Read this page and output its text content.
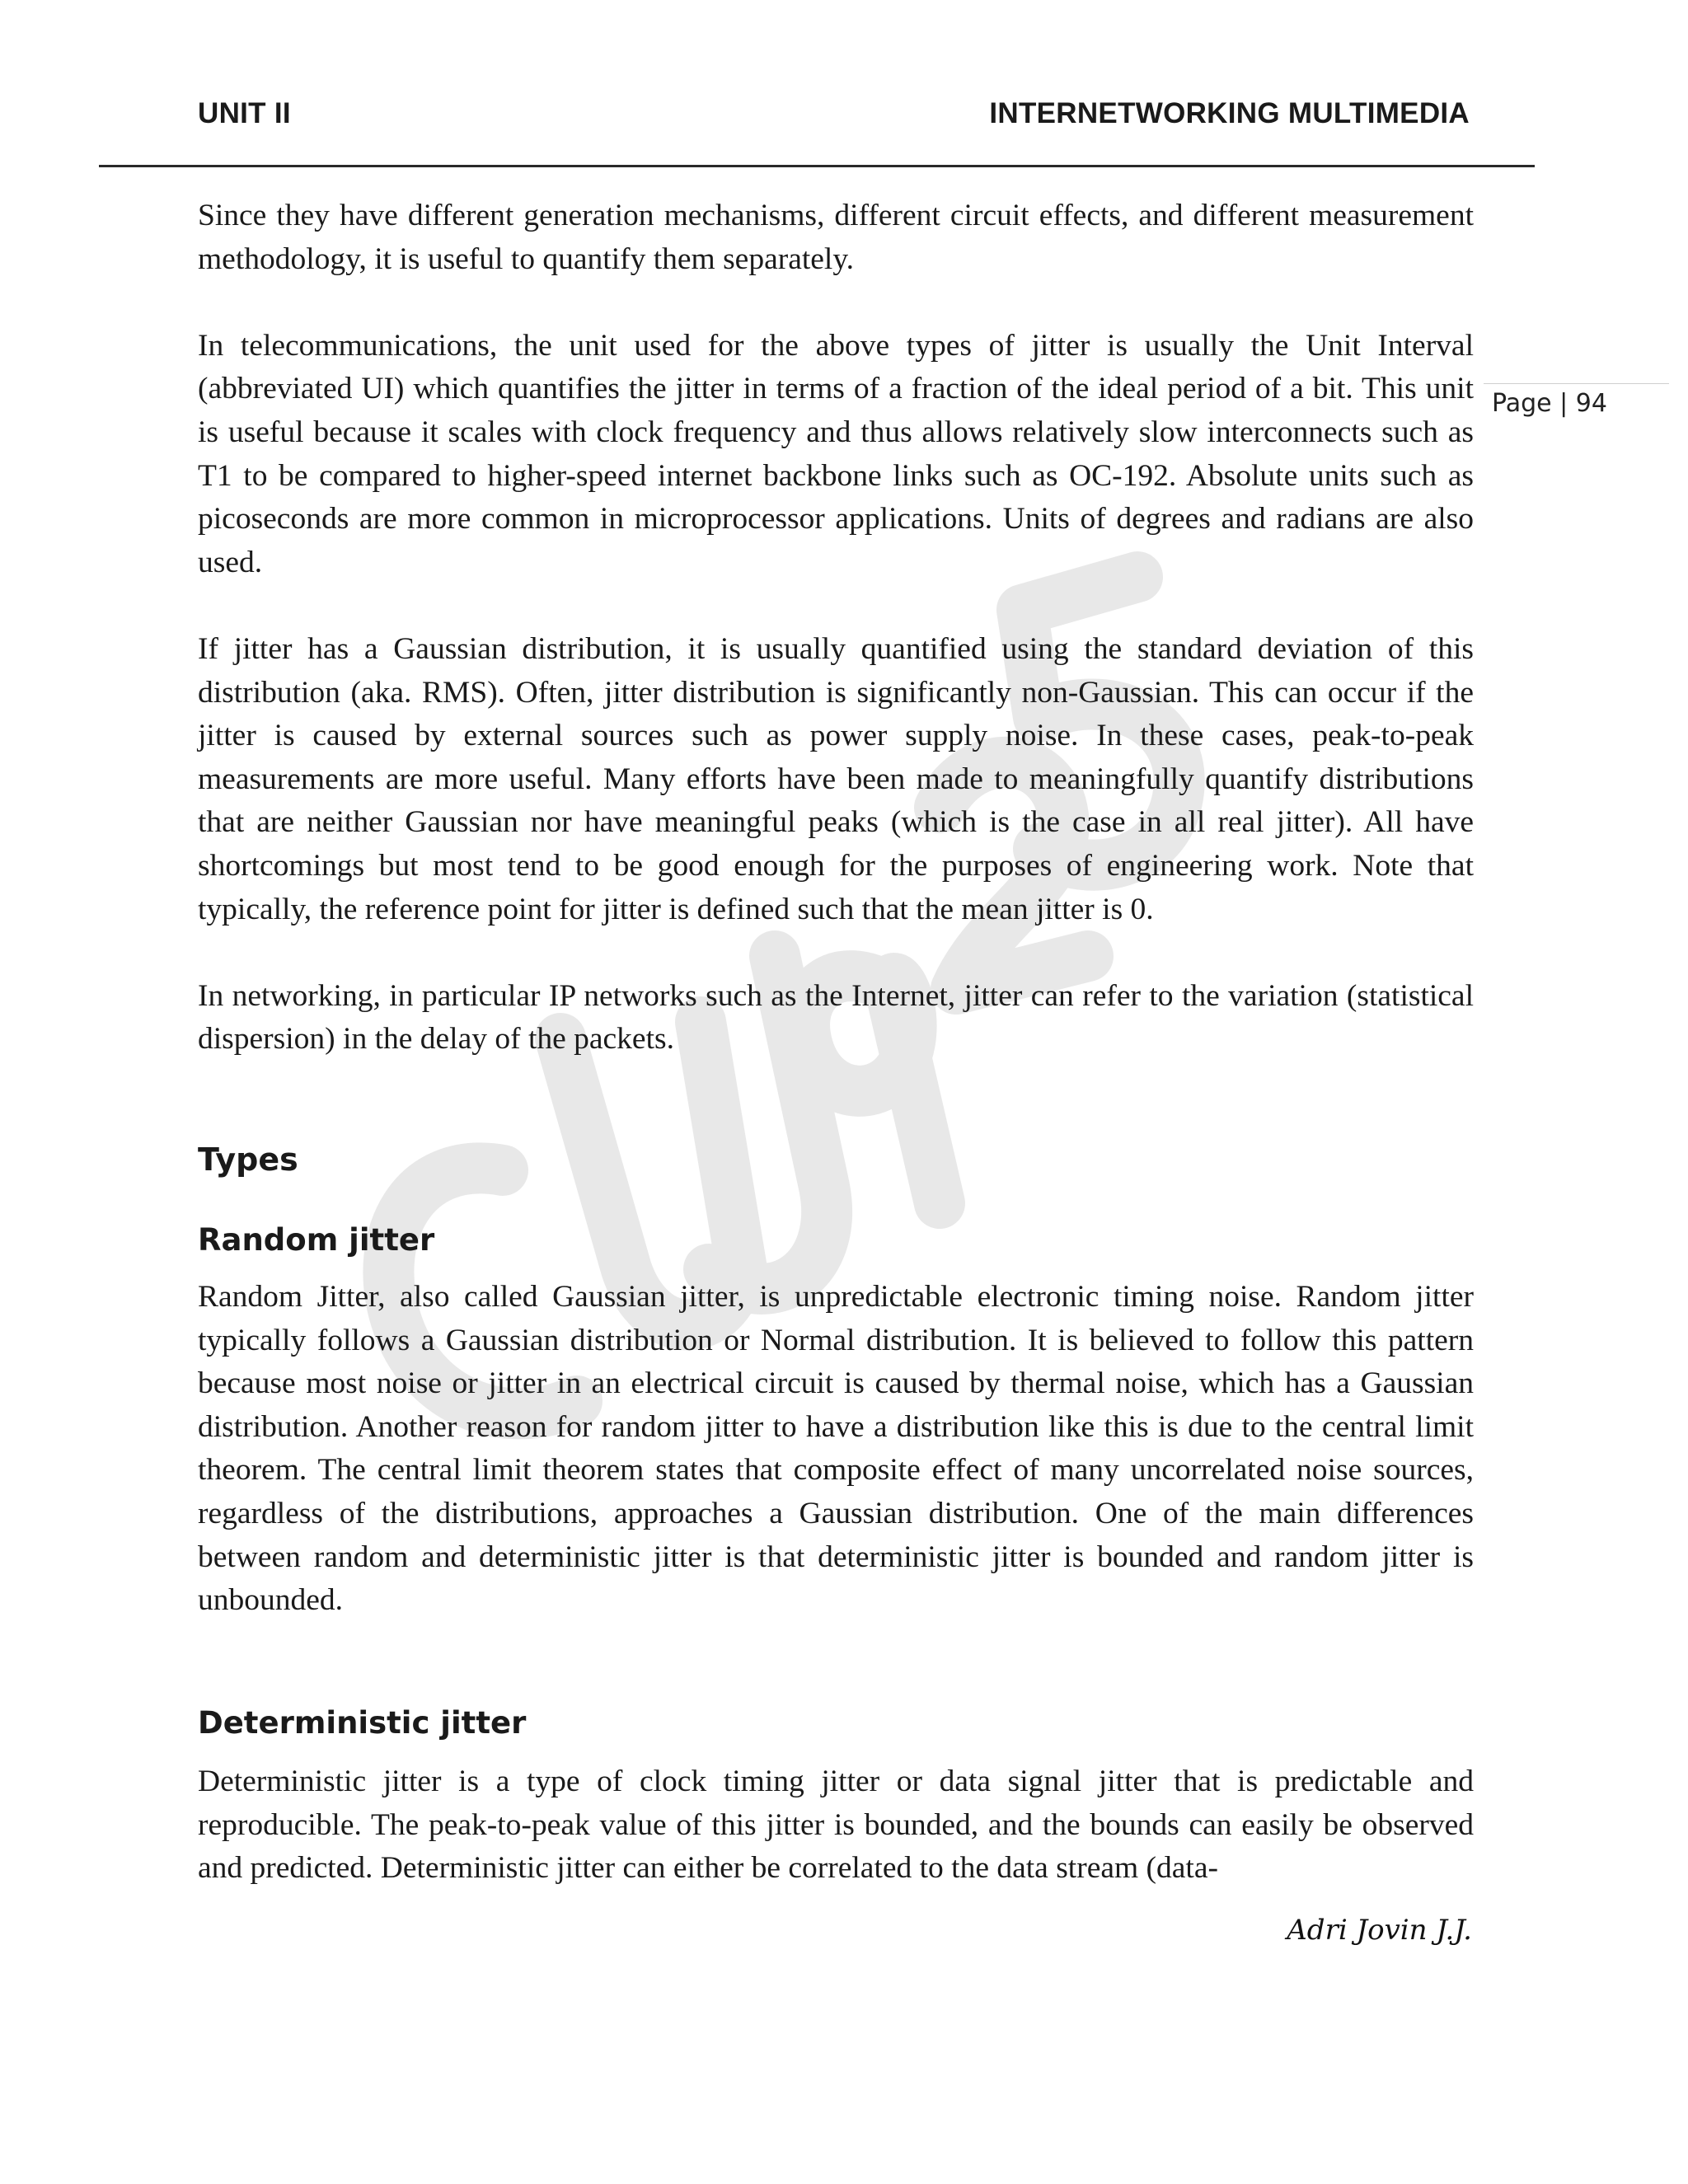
UNIT II	INTERNETWORKING MULTIMEDIA
Page | 94

Since they have different generation mechanisms, different circuit effects, and different measurement methodology, it is useful to quantify them separately.

In telecommunications, the unit used for the above types of jitter is usually the Unit Interval (abbreviated UI) which quantifies the jitter in terms of a fraction of the ideal period of a bit. This unit is useful because it scales with clock frequency and thus allows relatively slow interconnects such as T1 to be compared to higher-speed internet backbone links such as OC-192. Absolute units such as picoseconds are more common in microprocessor applications. Units of degrees and radians are also used.

If jitter has a Gaussian distribution, it is usually quantified using the standard deviation of this distribution (aka. RMS). Often, jitter distribution is significantly non-Gaussian. This can occur if the jitter is caused by external sources such as power supply noise. In these cases, peak-to-peak measurements are more useful. Many efforts have been made to meaningfully quantify distributions that are neither Gaussian nor have meaningful peaks (which is the case in all real jitter). All have shortcomings but most tend to be good enough for the purposes of engineering work. Note that typically, the reference point for jitter is defined such that the mean jitter is 0.

In networking, in particular IP networks such as the Internet, jitter can refer to the variation (statistical dispersion) in the delay of the packets.

Types
Random jitter

Random Jitter, also called Gaussian jitter, is unpredictable electronic timing noise. Random jitter typically follows a Gaussian distribution or Normal distribution. It is believed to follow this pattern because most noise or jitter in an electrical circuit is caused by thermal noise, which has a Gaussian distribution. Another reason for random jitter to have a distribution like this is due to the central limit theorem. The central limit theorem states that composite effect of many uncorrelated noise sources, regardless of the distributions, approaches a Gaussian distribution. One of the main differences between random and deterministic jitter is that deterministic jitter is bounded and random jitter is unbounded.

Deterministic jitter

Deterministic jitter is a type of clock timing jitter or data signal jitter that is predictable and reproducible. The peak-to-peak value of this jitter is bounded, and the bounds can easily be observed and predicted. Deterministic jitter can either be correlated to the data stream (data-

Adri Jovin J.J.
